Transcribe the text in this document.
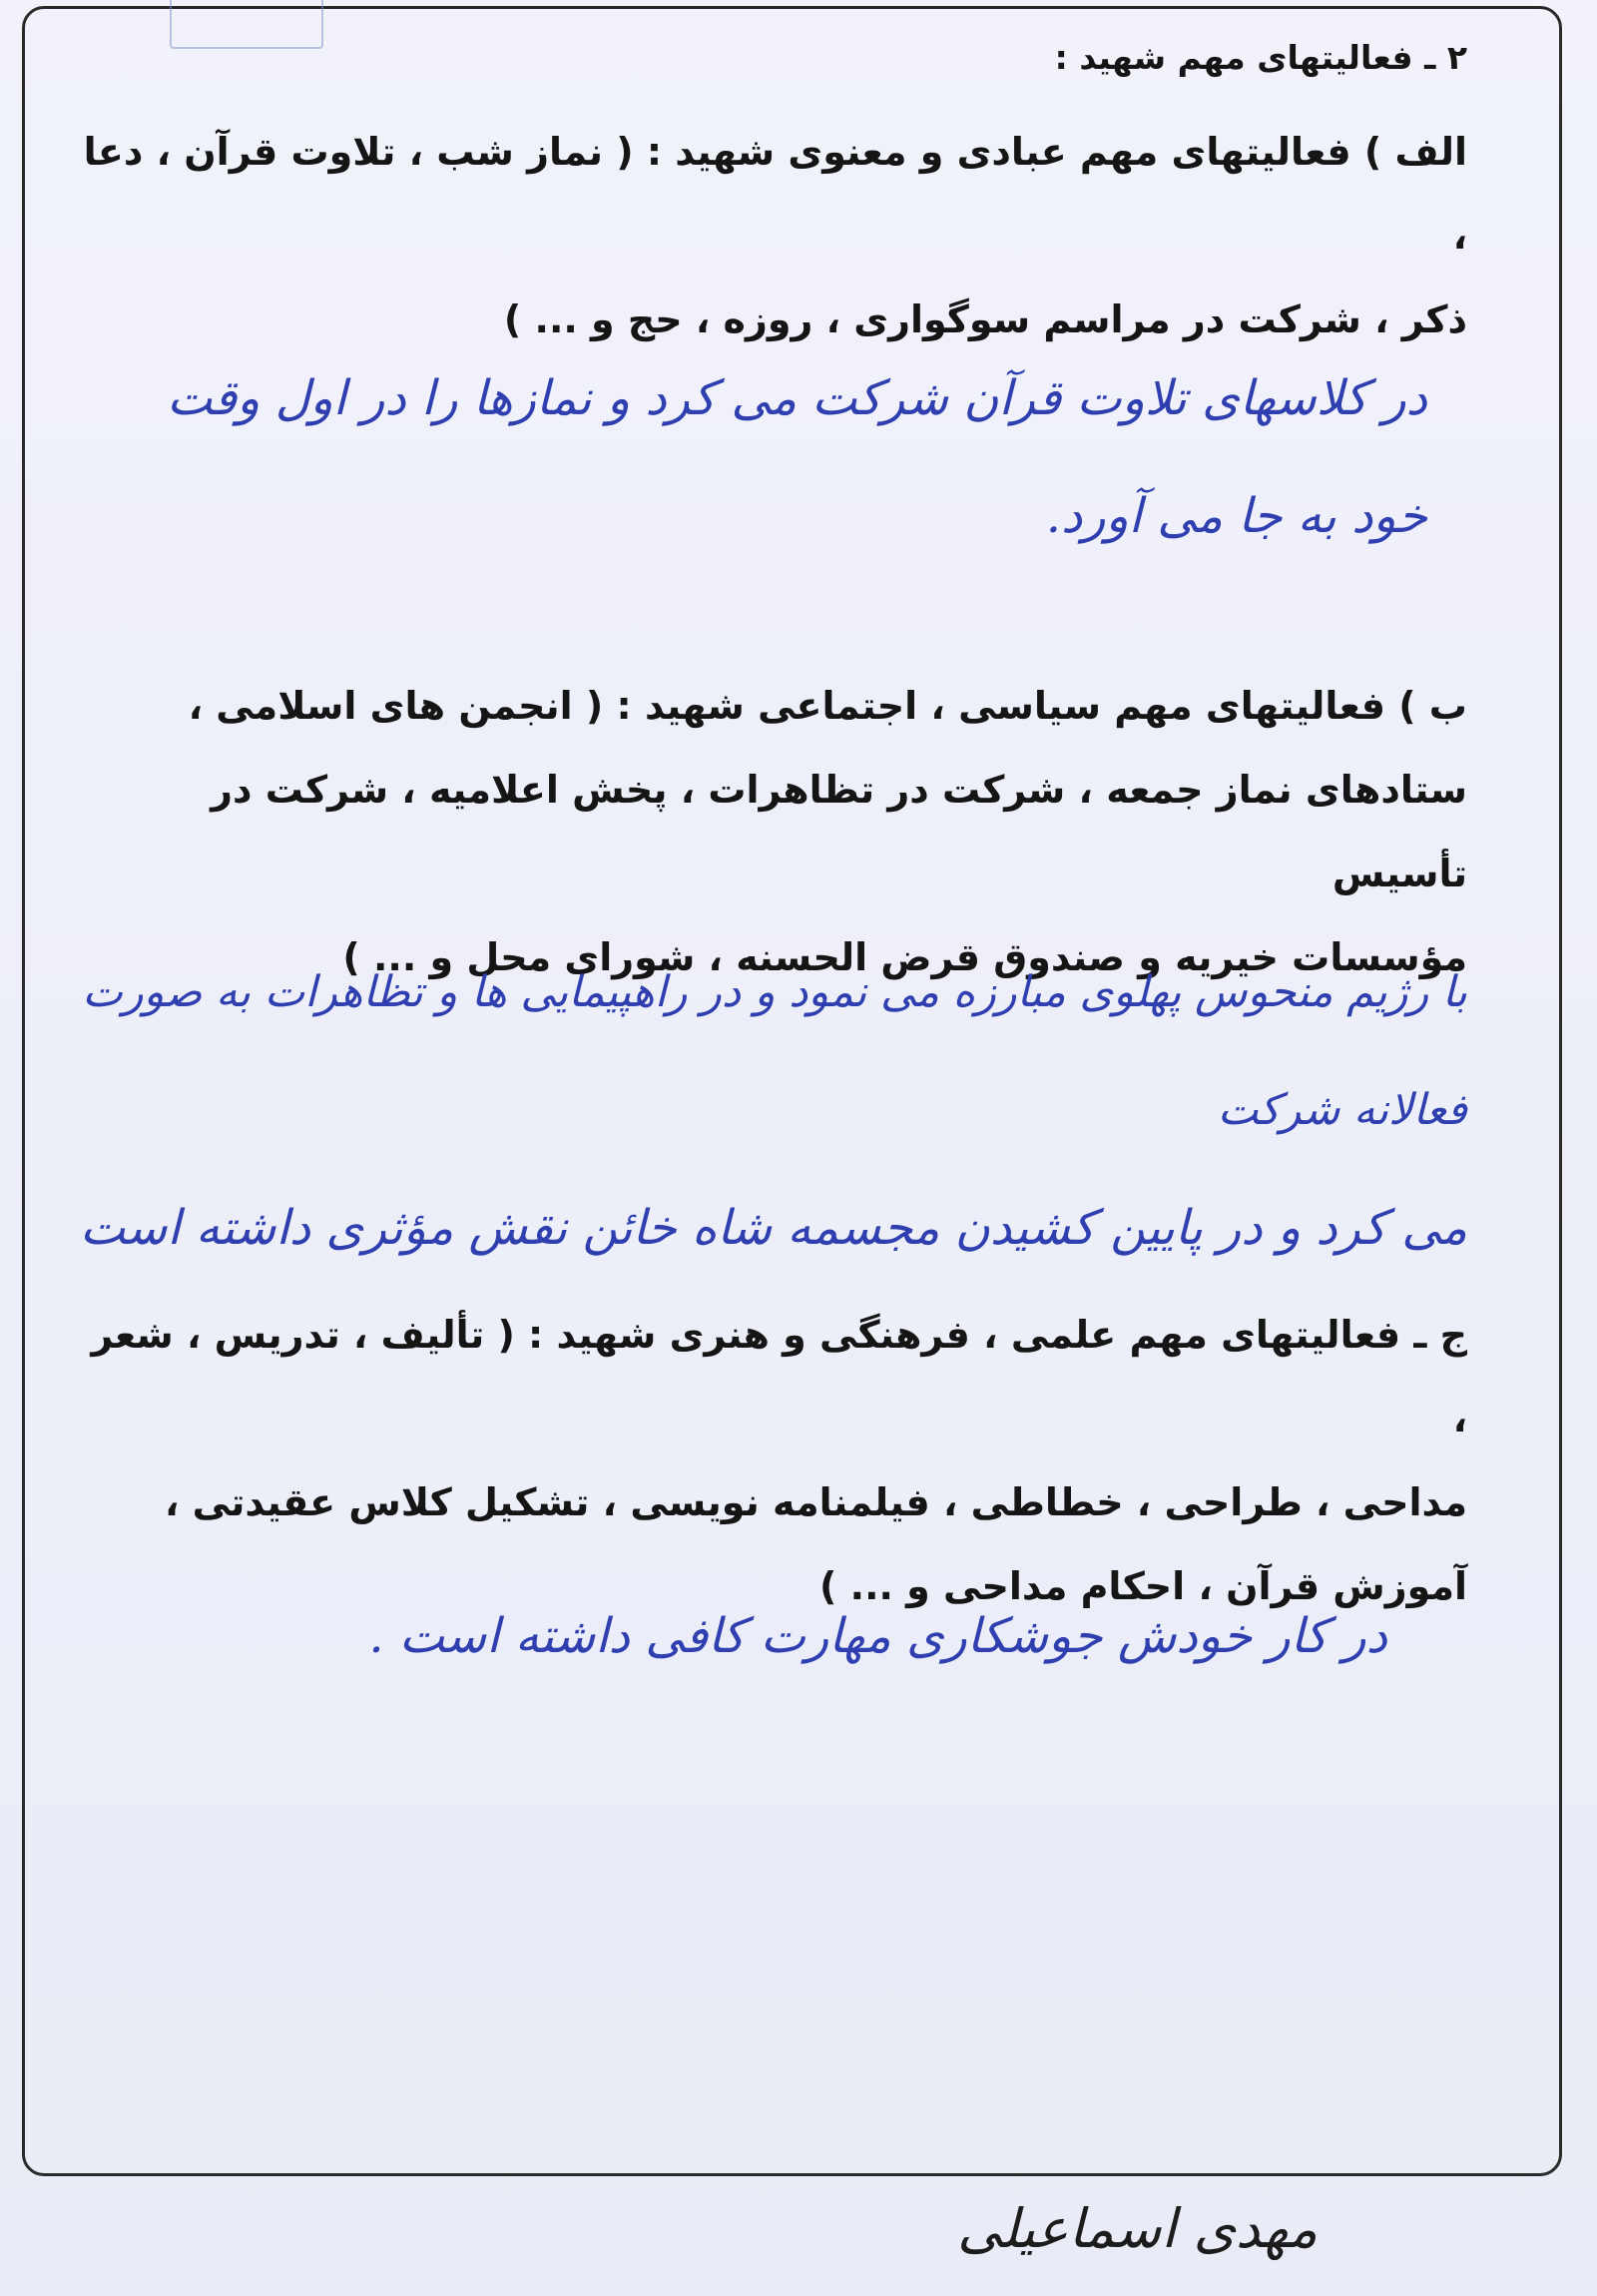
۲ ـ فعالیتهای مهم شهید :

الف ) فعالیتهای مهم عبادی و معنوی شهید : ( نماز شب ، تلاوت قرآن ، دعا ،

ذکر ، شرکت در مراسم سوگواری ، روزه ، حج و ... )

در کلاسهای تلاوت قرآن شرکت می کرد و نمازها را در اول وقت

خود به جا می آورد.

ب ) فعالیتهای مهم سیاسی ، اجتماعی شهید : ( انجمن های اسلامی ،

ستادهای نماز جمعه ، شرکت در تظاهرات ، پخش اعلامیه ، شرکت در تأسیس

مؤسسات خیریه و صندوق قرض الحسنه ، شورای محل و ... )

با رژیم منحوس پهلوی مبارزه می نمود و در راهپیمایی ها و تظاهرات به صورت فعالانه شرکت

می کرد و در پایین کشیدن مجسمه شاه خائن نقش مؤثری داشته است

ج ـ فعالیتهای مهم علمی ، فرهنگی و هنری شهید : ( تألیف ، تدریس ، شعر ،

مداحی ، طراحی ، خطاطی ، فیلمنامه نویسی ، تشکیل کلاس عقیدتی ،

آموزش قرآن ، احکام مداحی و ... )

در کار خودش جوشکاری مهارت کافی داشته است .

مهدی اسماعیلی
